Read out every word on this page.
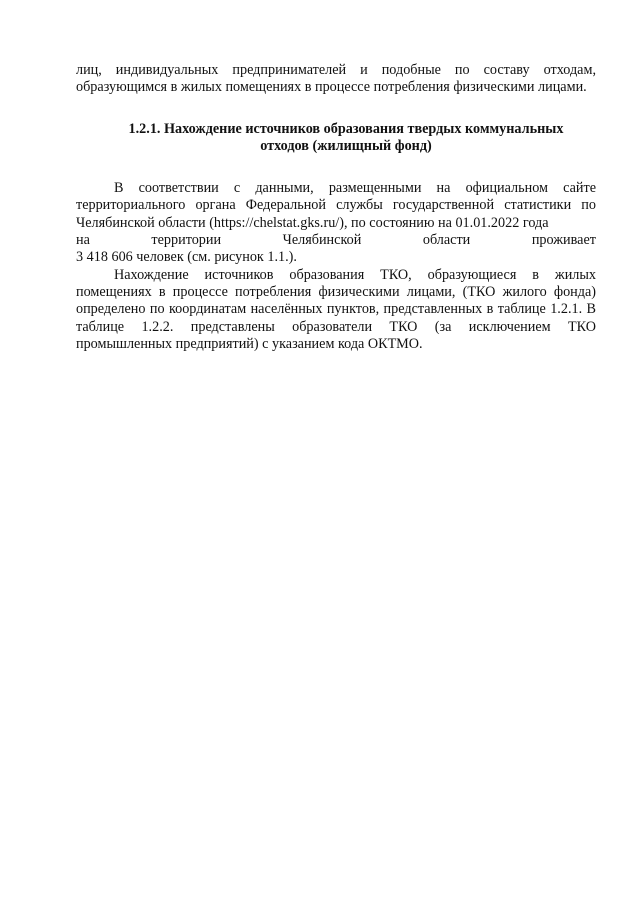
лиц, индивидуальных предпринимателей и подобные по составу отходам, образующимся в жилых помещениях в процессе потребления физическими лицами.

1.2.1. Нахождение источников образования твердых коммунальных
отходов (жилищный фонд)

В соответствии с данными, размещенными на официальном сайте территориального органа Федеральной службы государственной статистики по Челябинской области (https://chelstat.gks.ru/), по состоянию на 01.01.2022 года

на	территории	Челябинской	области	проживает

3 418 606 человек (см. рисунок 1.1.).

Нахождение источников образования ТКО, образующиеся в жилых помещениях в процессе потребления физическими лицами, (ТКО жилого фонда) определено по координатам населённых пунктов, представленных в таблице 1.2.1. В таблице 1.2.2. представлены образователи ТКО (за исключением ТКО промышленных предприятий) с указанием кода ОКТМО.
